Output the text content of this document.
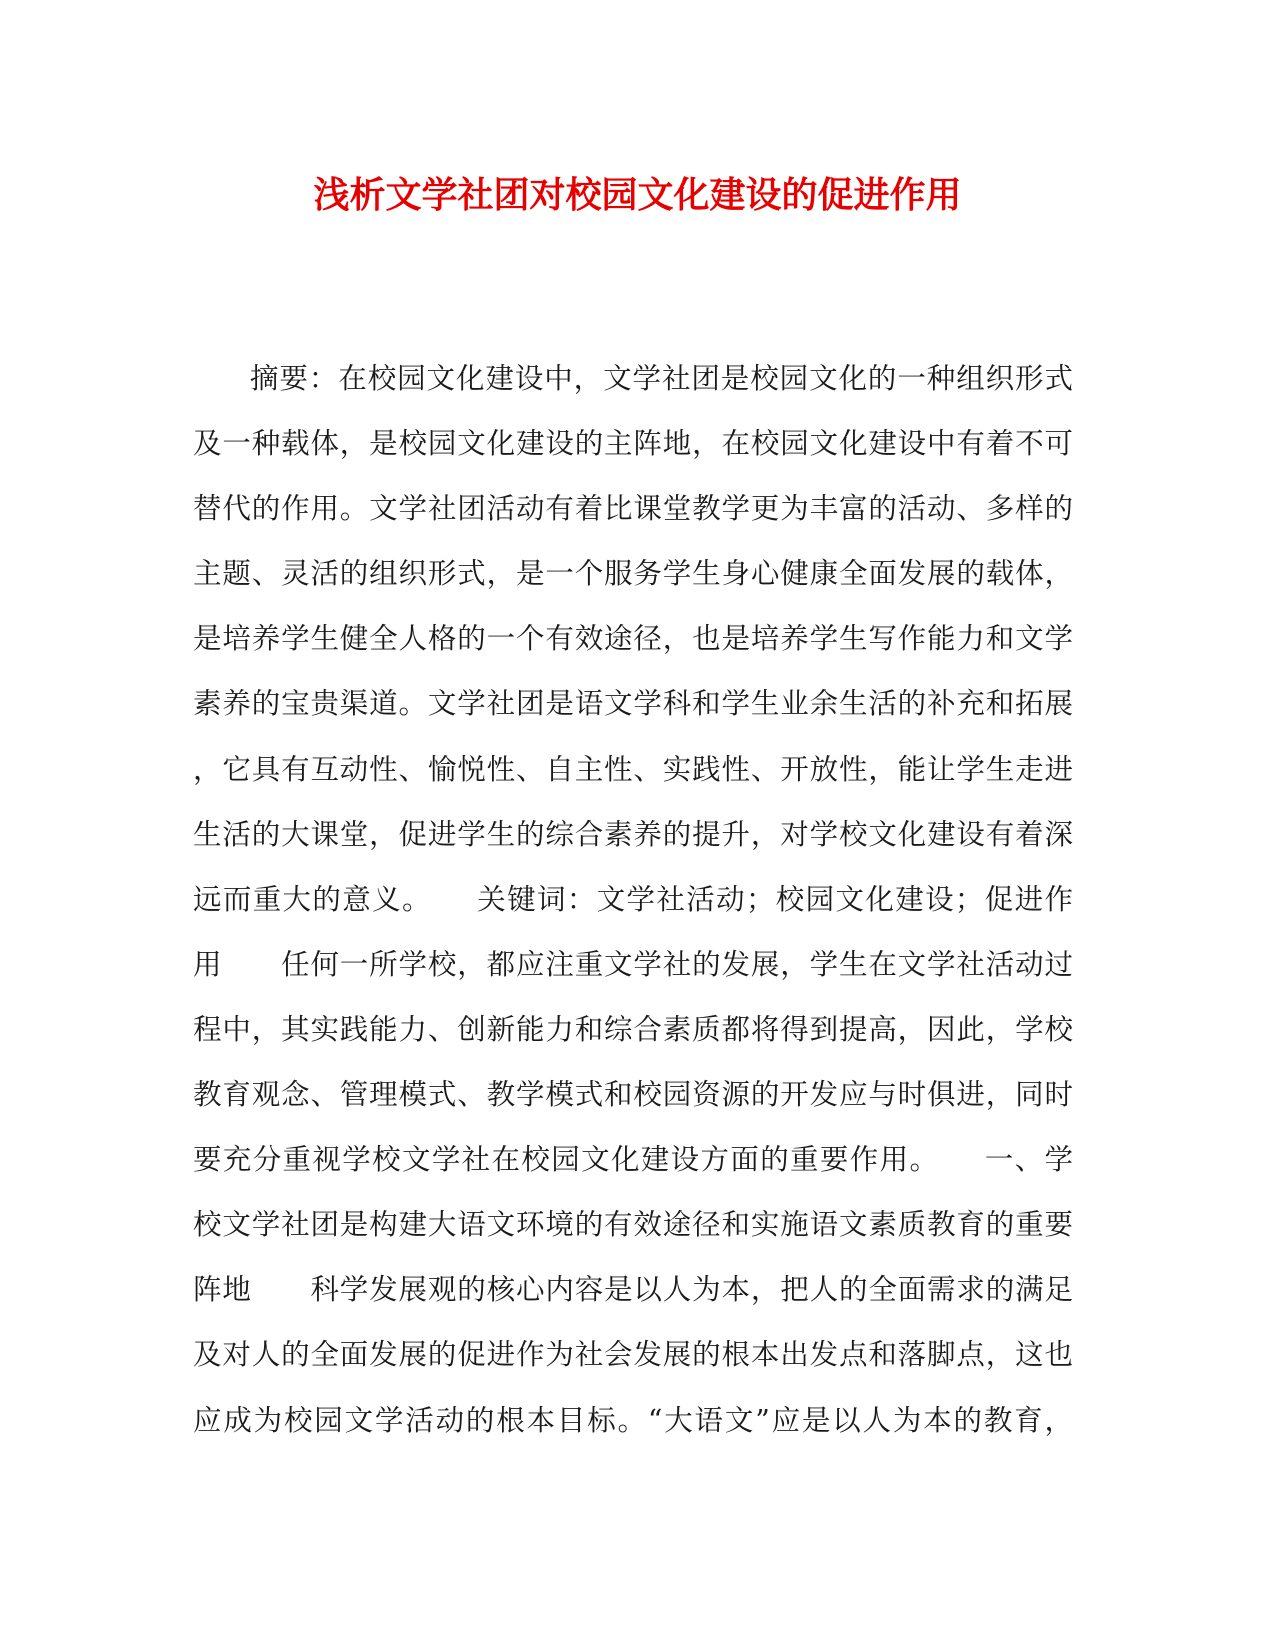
浅析文学社团对校园文化建设的促进作用
摘要：在校园文化建设中，文学社团是校园文化的一种组织形式
及一种载体，是校园文化建设的主阵地，在校园文化建设中有着不可
替代的作用。文学社团活动有着比课堂教学更为丰富的活动、多样的
主题、灵活的组织形式，是一个服务学生身心健康全面发展的载体，
是培养学生健全人格的一个有效途径，也是培养学生写作能力和文学
素养的宝贵渠道。文学社团是语文学科和学生业余生活的补充和拓展
，它具有互动性、愉悦性、自主性、实践性、开放性，能让学生走进
生活的大课堂，促进学生的综合素养的提升，对学校文化建设有着深
远而重大的意义。　　关键词：文学社活动；校园文化建设；促进作
用　　任何一所学校，都应注重文学社的发展，学生在文学社活动过
程中，其实践能力、创新能力和综合素质都将得到提高，因此，学校
教育观念、管理模式、教学模式和校园资源的开发应与时俱进，同时
要充分重视学校文学社在校园文化建设方面的重要作用。　　一、学
校文学社团是构建大语文环境的有效途径和实施语文素质教育的重要
阵地　　科学发展观的核心内容是以人为本，把人的全面需求的满足
及对人的全面发展的促进作为社会发展的根本出发点和落脚点，这也
应成为校园文学活动的根本目标。“大语文”应是以人为本的教育，
